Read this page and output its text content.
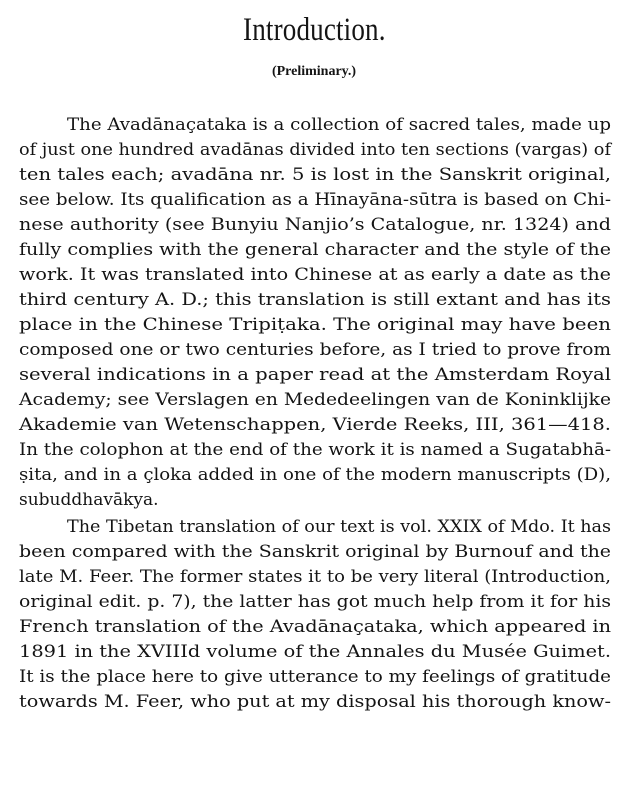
Introduction.
(Preliminary.)
The Avadānaçataka is a collection of sacred tales, made up
of just one hundred avadānas divided into ten sections (vargas) of
ten tales each; avadāna nr. 5 is lost in the Sanskrit original,
see below. Its qualification as a Hīnayāna-sūtra is based on Chi-
nese authority (see Bunyiu Nanjio’s Catalogue, nr. 1324) and
fully complies with the general character and the style of the
work. It was translated into Chinese at as early a date as the
third century A. D.; this translation is still extant and has its
place in the Chinese Tripiṭaka. The original may have been
composed one or two centuries before, as I tried to prove from
several indications in a paper read at the Amsterdam Royal
Academy; see Verslagen en Mededeelingen van de Koninklijke
Akademie van Wetenschappen, Vierde Reeks, III, 361—418.
In the colophon at the end of the work it is named a Sugatabhā-
ṣita, and in a çloka added in one of the modern manuscripts (D),
subuddhavākya.
The Tibetan translation of our text is vol. XXIX of Mdo. It has
been compared with the Sanskrit original by Burnouf and the
late M. Feer. The former states it to be very literal (Introduction,
original edit. p. 7), the latter has got much help from it for his
French translation of the Avadānaçataka, which appeared in
1891 in the XVIIId volume of the Annales du Musée Guimet.
It is the place here to give utterance to my feelings of gratitude
towards M. Feer, who put at my disposal his thorough know-
